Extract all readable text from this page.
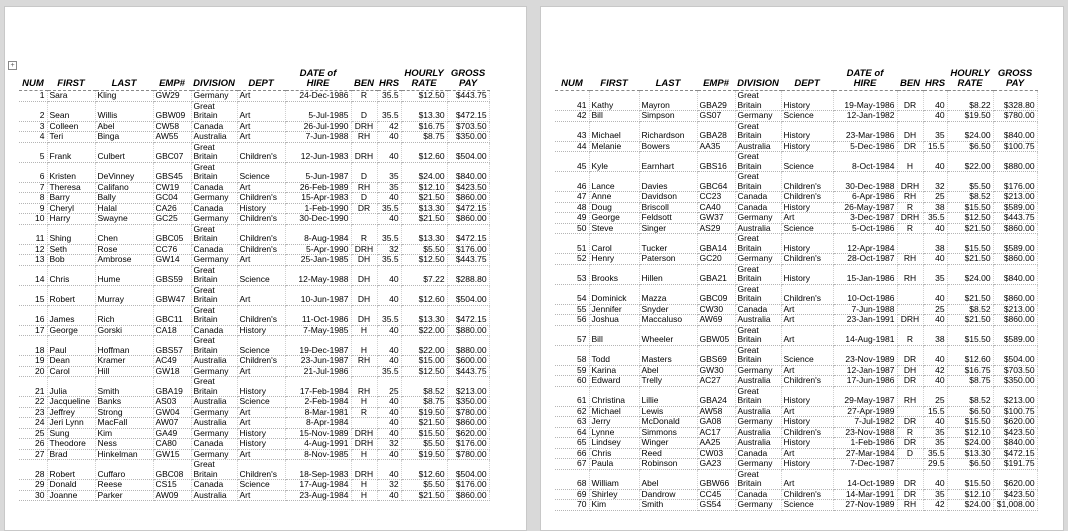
+
NUM	FIRST	LAST	EMP#	DIVISION	DEPT	DATE of HIRE	BEN	HRS	HOURLY RATE	GROSS PAY
1	Sara	Kling	GW29	Germany	Art	24-Dec-1986	R	35.5	$12.50	$443.75
2	Sean	Willis	GBW09	Great Britain	Art	5-Jul-1985	D	35.5	$13.30	$472.15
3	Colleen	Abel	CW58	Canada	Art	26-Jul-1990	DRH	42	$16.75	$703.50
4	Teri	Binga	AW55	Australia	Art	7-Jun-1988	RH	40	$8.75	$350.00
5	Frank	Culbert	GBC07	Great Britain	Children's	12-Jun-1983	DRH	40	$12.60	$504.00
6	Kristen	DeVinney	GBS45	Great Britain	Science	5-Jun-1987	D	35	$24.00	$840.00
7	Theresa	Califano	CW19	Canada	Art	26-Feb-1989	RH	35	$12.10	$423.50
8	Barry	Bally	GC04	Germany	Children's	15-Apr-1983	D	40	$21.50	$860.00
9	Cheryl	Halal	CA26	Canada	History	1-Feb-1990	DR	35.5	$13.30	$472.15
10	Harry	Swayne	GC25	Germany	Children's	30-Dec-1990		40	$21.50	$860.00
11	Shing	Chen	GBC05	Great Britain	Children's	8-Aug-1984	R	35.5	$13.30	$472.15
12	Seth	Rose	CC76	Canada	Children's	5-Apr-1990	DRH	32	$5.50	$176.00
13	Bob	Ambrose	GW14	Germany	Art	25-Jan-1985	DH	35.5	$12.50	$443.75
14	Chris	Hume	GBS59	Great Britain	Science	12-May-1988	DH	40	$7.22	$288.80
15	Robert	Murray	GBW47	Great Britain	Art	10-Jun-1987	DH	40	$12.60	$504.00
16	James	Rich	GBC11	Great Britain	Children's	11-Oct-1986	DH	35.5	$13.30	$472.15
17	George	Gorski	CA18	Canada	History	7-May-1985	H	40	$22.00	$880.00
18	Paul	Hoffman	GBS57	Great Britain	Science	19-Dec-1987	H	40	$22.00	$880.00
19	Dean	Kramer	AC49	Australia	Children's	23-Jun-1987	RH	40	$15.00	$600.00
20	Carol	Hill	GW18	Germany	Art	21-Jul-1986		35.5	$12.50	$443.75
21	Julia	Smith	GBA19	Great Britain	History	17-Feb-1984	RH	25	$8.52	$213.00
22	Jacqueline	Banks	AS03	Australia	Science	2-Feb-1984	H	40	$8.75	$350.00
23	Jeffrey	Strong	GW04	Germany	Art	8-Mar-1981	R	40	$19.50	$780.00
24	Jeri Lynn	MacFall	AW07	Australia	Art	8-Apr-1984		40	$21.50	$860.00
25	Sung	Kim	GA49	Germany	History	15-Nov-1989	DRH	40	$15.50	$620.00
26	Theodore	Ness	CA80	Canada	History	4-Aug-1991	DRH	32	$5.50	$176.00
27	Brad	Hinkelman	GW15	Germany	Art	8-Nov-1985	H	40	$19.50	$780.00
28	Robert	Cuffaro	GBC08	Great Britain	Children's	18-Sep-1983	DRH	40	$12.60	$504.00
29	Donald	Reese	CS15	Canada	Science	17-Aug-1984	H	32	$5.50	$176.00
30	Joanne	Parker	AW09	Australia	Art	23-Aug-1984	H	40	$21.50	$860.00
NUM	FIRST	LAST	EMP#	DIVISION	DEPT	DATE of HIRE	BEN	HRS	HOURLY RATE	GROSS PAY
41	Kathy	Mayron	GBA29	Great Britain	History	19-May-1986	DR	40	$8.22	$328.80
42	Bill	Simpson	GS07	Germany	Science	12-Jan-1982		40	$19.50	$780.00
43	Michael	Richardson	GBA28	Great Britain	History	23-Mar-1986	DH	35	$24.00	$840.00
44	Melanie	Bowers	AA35	Australia	History	5-Dec-1986	DR	15.5	$6.50	$100.75
45	Kyle	Earnhart	GBS16	Great Britain	Science	8-Oct-1984	H	40	$22.00	$880.00
46	Lance	Davies	GBC64	Great Britain	Children's	30-Dec-1988	DRH	32	$5.50	$176.00
47	Anne	Davidson	CC23	Canada	Children's	6-Apr-1986	RH	25	$8.52	$213.00
48	Doug	Briscoll	CA40	Canada	History	26-May-1987	R	38	$15.50	$589.00
49	George	Feldsott	GW37	Germany	Art	3-Dec-1987	DRH	35.5	$12.50	$443.75
50	Steve	Singer	AS29	Australia	Science	5-Oct-1986	R	40	$21.50	$860.00
51	Carol	Tucker	GBA14	Great Britain	History	12-Apr-1984		38	$15.50	$589.00
52	Henry	Paterson	GC20	Germany	Children's	28-Oct-1987	RH	40	$21.50	$860.00
53	Brooks	Hillen	GBA21	Great Britain	History	15-Jan-1986	RH	35	$24.00	$840.00
54	Dominick	Mazza	GBC09	Great Britain	Children's	10-Oct-1986		40	$21.50	$860.00
55	Jennifer	Snyder	CW30	Canada	Art	7-Jun-1988		25	$8.52	$213.00
56	Joshua	Maccaluso	AW69	Australia	Art	23-Jan-1991	DRH	40	$21.50	$860.00
57	Bill	Wheeler	GBW05	Great Britain	Art	14-Aug-1981	R	38	$15.50	$589.00
58	Todd	Masters	GBS69	Great Britain	Science	23-Nov-1989	DR	40	$12.60	$504.00
59	Karina	Abel	GW30	Germany	Art	12-Jan-1987	DH	42	$16.75	$703.50
60	Edward	Trelly	AC27	Australia	Children's	17-Jun-1986	DR	40	$8.75	$350.00
61	Christina	Lillie	GBA24	Great Britain	History	29-May-1987	RH	25	$8.52	$213.00
62	Michael	Lewis	AW58	Australia	Art	27-Apr-1989		15.5	$6.50	$100.75
63	Jerry	McDonald	GA08	Germany	History	7-Jul-1982	DR	40	$15.50	$620.00
64	Lynne	Simmons	AC17	Australia	Children's	23-Nov-1988	R	35	$12.10	$423.50
65	Lindsey	Winger	AA25	Australia	History	1-Feb-1986	DR	35	$24.00	$840.00
66	Chris	Reed	CW03	Canada	Art	27-Mar-1984	D	35.5	$13.30	$472.15
67	Paula	Robinson	GA23	Germany	History	7-Dec-1987		29.5	$6.50	$191.75
68	William	Abel	GBW66	Great Britain	Art	14-Oct-1989	DR	40	$15.50	$620.00
69	Shirley	Dandrow	CC45	Canada	Children's	14-Mar-1991	DR	35	$12.10	$423.50
70	Kim	Smith	GS54	Germany	Science	27-Nov-1989	RH	42	$24.00	$1,008.00
